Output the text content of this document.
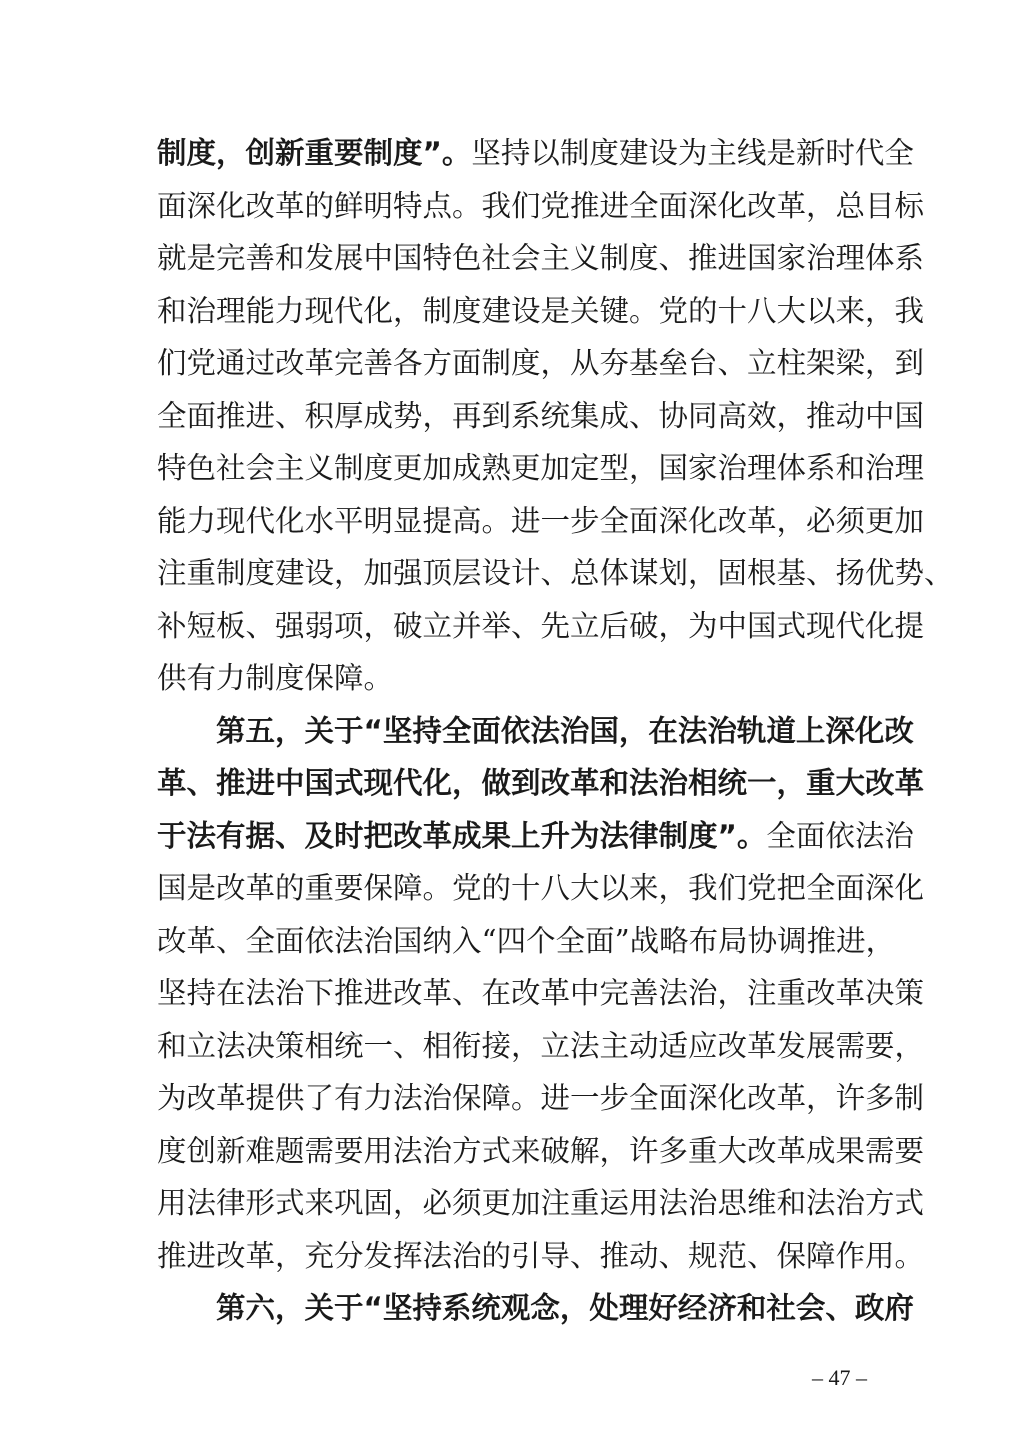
制度，创新重要制度”。坚持以制度建设为主线是新时代全
面深化改革的鲜明特点。我们党推进全面深化改革，总目标
就是完善和发展中国特色社会主义制度、推进国家治理体系
和治理能力现代化，制度建设是关键。党的十八大以来，我
们党通过改革完善各方面制度，从夯基垒台、立柱架梁，到
全面推进、积厚成势，再到系统集成、协同高效，推动中国
特色社会主义制度更加成熟更加定型，国家治理体系和治理
能力现代化水平明显提高。进一步全面深化改革，必须更加
注重制度建设，加强顶层设计、总体谋划，固根基、扬优势、
补短板、强弱项，破立并举、先立后破，为中国式现代化提
供有力制度保障。
第五，关于“坚持全面依法治国，在法治轨道上深化改
革、推进中国式现代化，做到改革和法治相统一，重大改革
于法有据、及时把改革成果上升为法律制度”。全面依法治
国是改革的重要保障。党的十八大以来，我们党把全面深化
改革、全面依法治国纳入“四个全面”战略布局协调推进，
坚持在法治下推进改革、在改革中完善法治，注重改革决策
和立法决策相统一、相衔接，立法主动适应改革发展需要，
为改革提供了有力法治保障。进一步全面深化改革，许多制
度创新难题需要用法治方式来破解，许多重大改革成果需要
用法律形式来巩固，必须更加注重运用法治思维和法治方式
推进改革，充分发挥法治的引导、推动、规范、保障作用。
第六，关于“坚持系统观念，处理好经济和社会、政府
– 47 –
